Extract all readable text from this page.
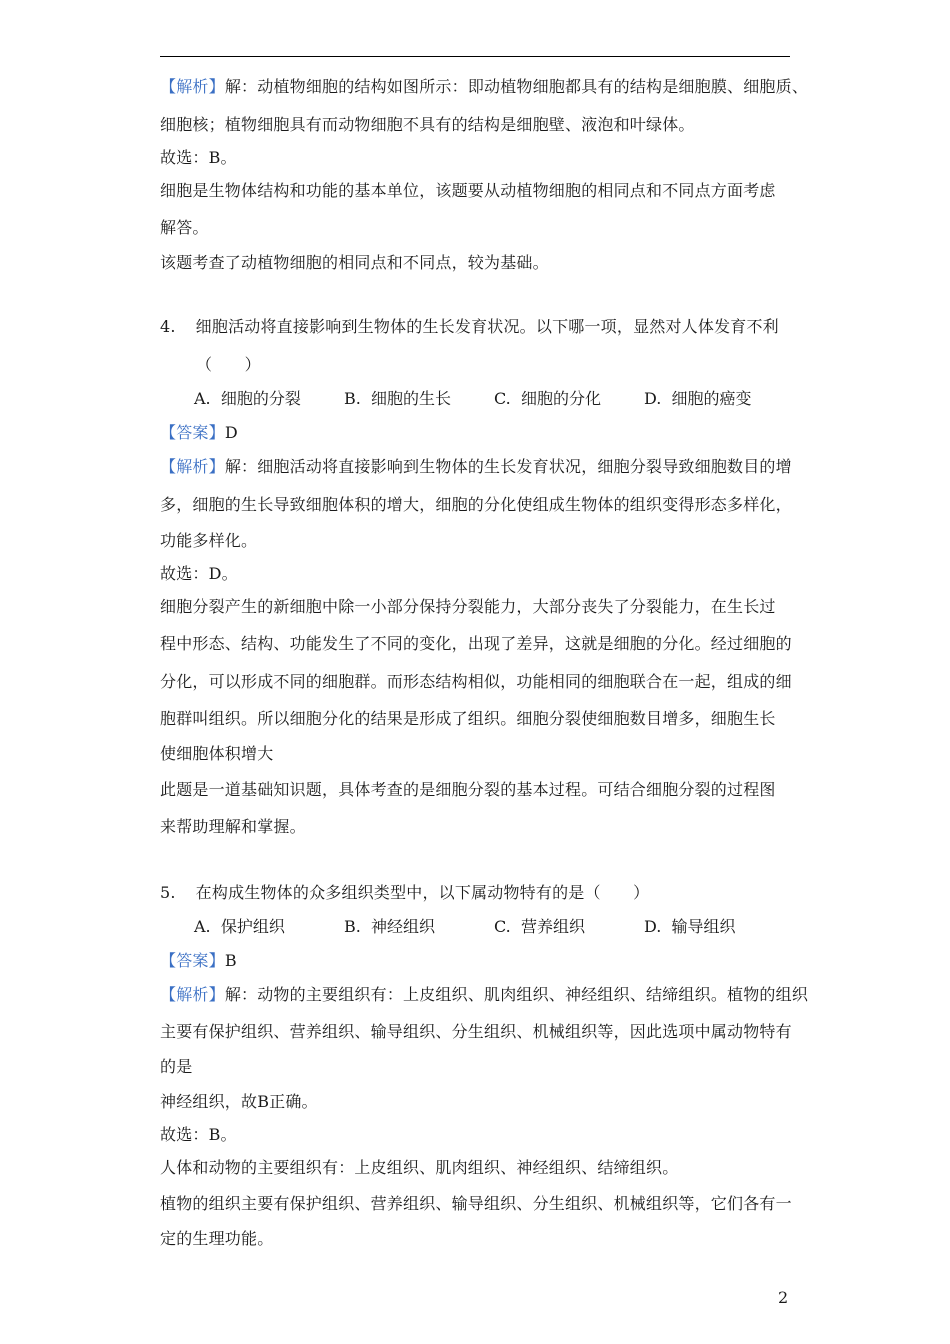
【解析】解：动植物细胞的结构如图所示：即动植物细胞都具有的结构是细胞膜、细胞质、
细胞核；植物细胞具有而动物细胞不具有的结构是细胞壁、液泡和叶绿体。
故选：B。
细胞是生物体结构和功能的基本单位，该题要从动植物细胞的相同点和不同点方面考虑
解答。
该题考查了动植物细胞的相同点和不同点，较为基础。
4. 细胞活动将直接影响到生物体的生长发育状况。以下哪一项，显然对人体发育不利
（　　）
A. 细胞的分裂	B. 细胞的生长	C. 细胞的分化	D. 细胞的癌变
【答案】D
【解析】解：细胞活动将直接影响到生物体的生长发育状况，细胞分裂导致细胞数目的增
多，细胞的生长导致细胞体积的增大，细胞的分化使组成生物体的组织变得形态多样化，
功能多样化。
故选：D。
细胞分裂产生的新细胞中除一小部分保持分裂能力，大部分丧失了分裂能力，在生长过
程中形态、结构、功能发生了不同的变化，出现了差异，这就是细胞的分化。经过细胞的
分化，可以形成不同的细胞群。而形态结构相似，功能相同的细胞联合在一起，组成的细
胞群叫组织。所以细胞分化的结果是形成了组织。细胞分裂使细胞数目增多，细胞生长
使细胞体积增大
此题是一道基础知识题，具体考查的是细胞分裂的基本过程。可结合细胞分裂的过程图
来帮助理解和掌握。
5. 在构成生物体的众多组织类型中，以下属动物特有的是（　　）
A. 保护组织	B. 神经组织	C. 营养组织	D. 输导组织
【答案】B
【解析】解：动物的主要组织有：上皮组织、肌肉组织、神经组织、结缔组织。植物的组织
主要有保护组织、营养组织、输导组织、分生组织、机械组织等，因此选项中属动物特有
的是
神经组织，故B正确。
故选：B。
人体和动物的主要组织有：上皮组织、肌肉组织、神经组织、结缔组织。
植物的组织主要有保护组织、营养组织、输导组织、分生组织、机械组织等，它们各有一
定的生理功能。
2
